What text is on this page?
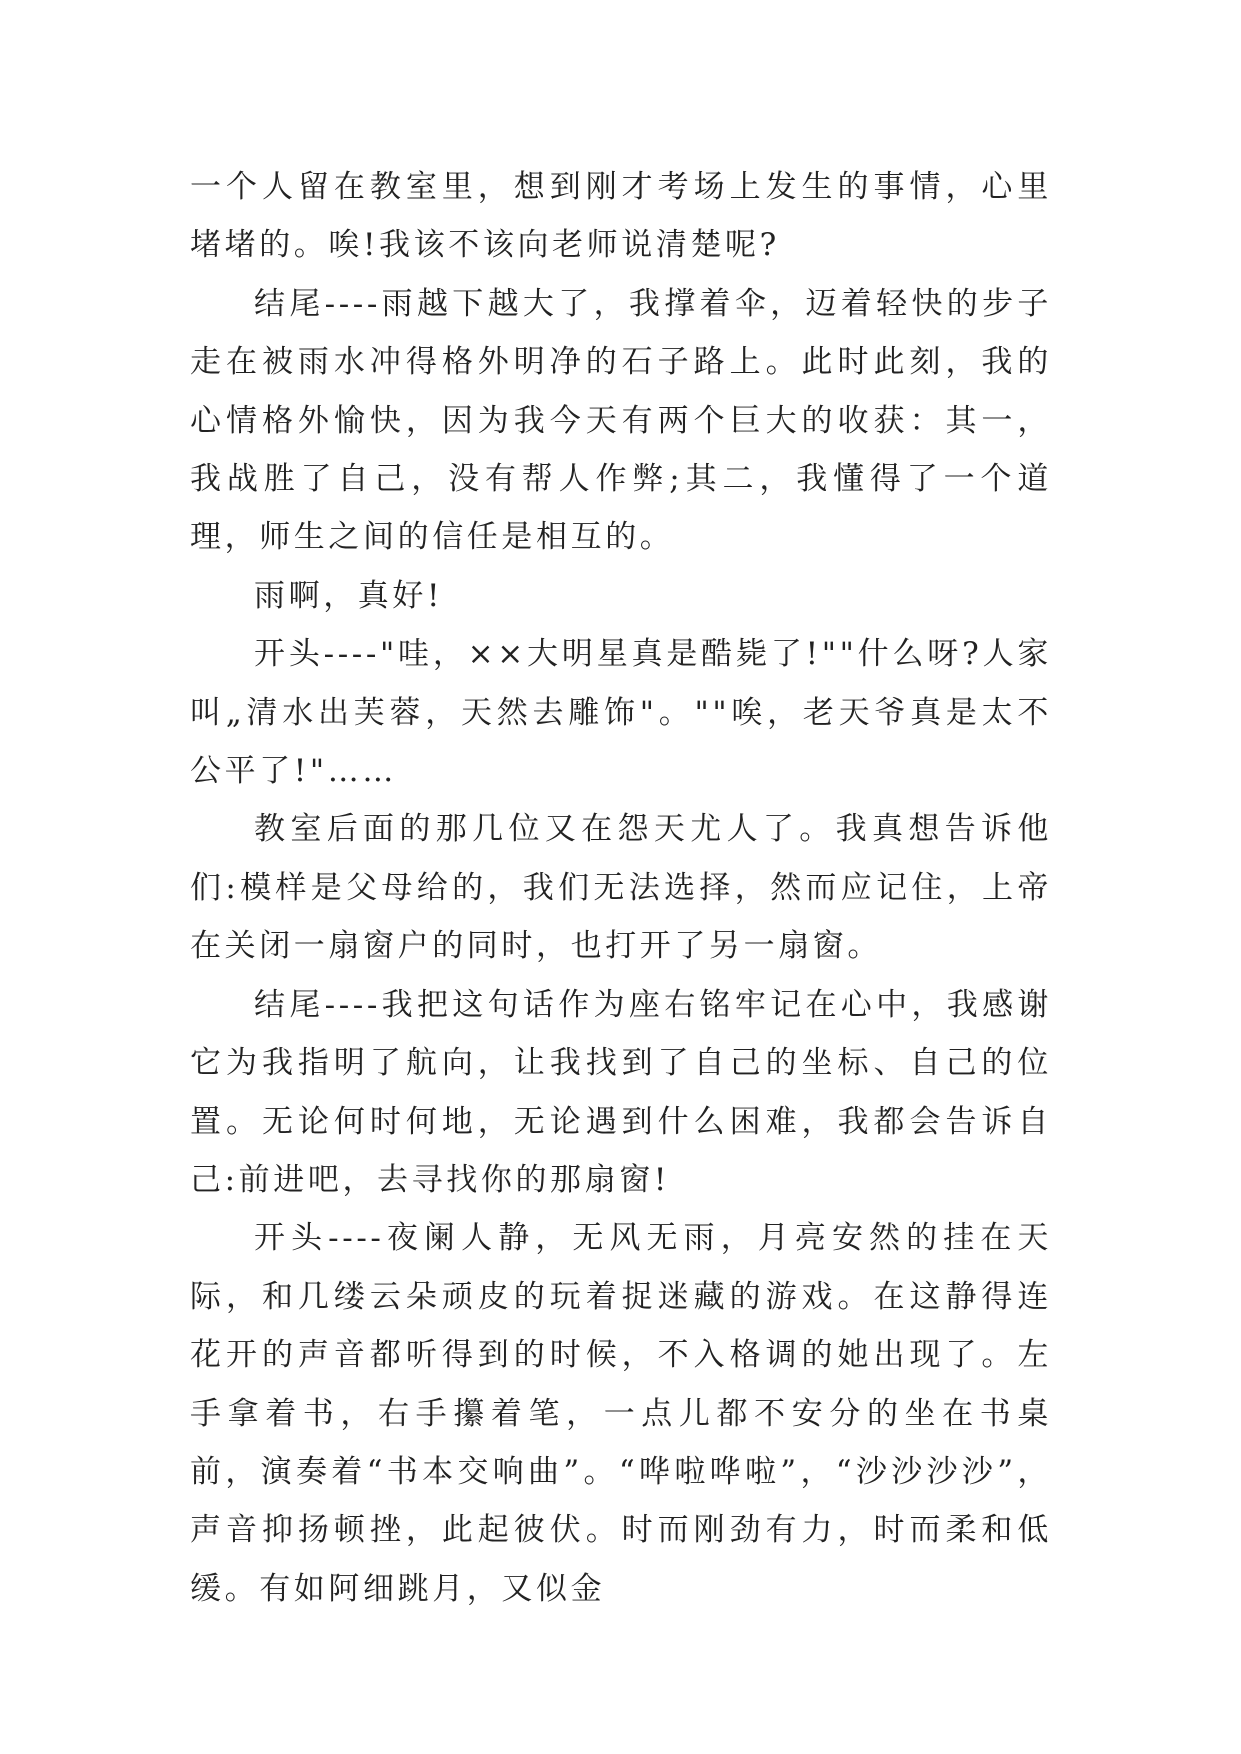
一个人留在教室里，想到刚才考场上发生的事情，心里堵堵的。唉!我该不该向老师说清楚呢?

结尾----雨越下越大了，我撑着伞，迈着轻快的步子走在被雨水冲得格外明净的石子路上。此时此刻，我的心情格外愉快，因为我今天有两个巨大的收获：其一，我战胜了自己，没有帮人作弊;其二，我懂得了一个道理，师生之间的信任是相互的。

雨啊，真好!

开头----"哇，××大明星真是酷毙了!""什么呀?人家叫„清水出芙蓉，天然去雕饰"。""唉，老天爷真是太不公平了!"……

教室后面的那几位又在怨天尤人了。我真想告诉他们:模样是父母给的，我们无法选择，然而应记住，上帝在关闭一扇窗户的同时，也打开了另一扇窗。

结尾----我把这句话作为座右铭牢记在心中，我感谢它为我指明了航向，让我找到了自己的坐标、自己的位置。无论何时何地，无论遇到什么困难，我都会告诉自己:前进吧，去寻找你的那扇窗!

开头----夜阑人静，无风无雨，月亮安然的挂在天际，和几缕云朵顽皮的玩着捉迷藏的游戏。在这静得连花开的声音都听得到的时候，不入格调的她出现了。左手拿着书，右手攥着笔，一点儿都不安分的坐在书桌前，演奏着“书本交响曲”。“哗啦哗啦”，“沙沙沙沙”，声音抑扬顿挫，此起彼伏。时而刚劲有力，时而柔和低缓。有如阿细跳月，又似金
